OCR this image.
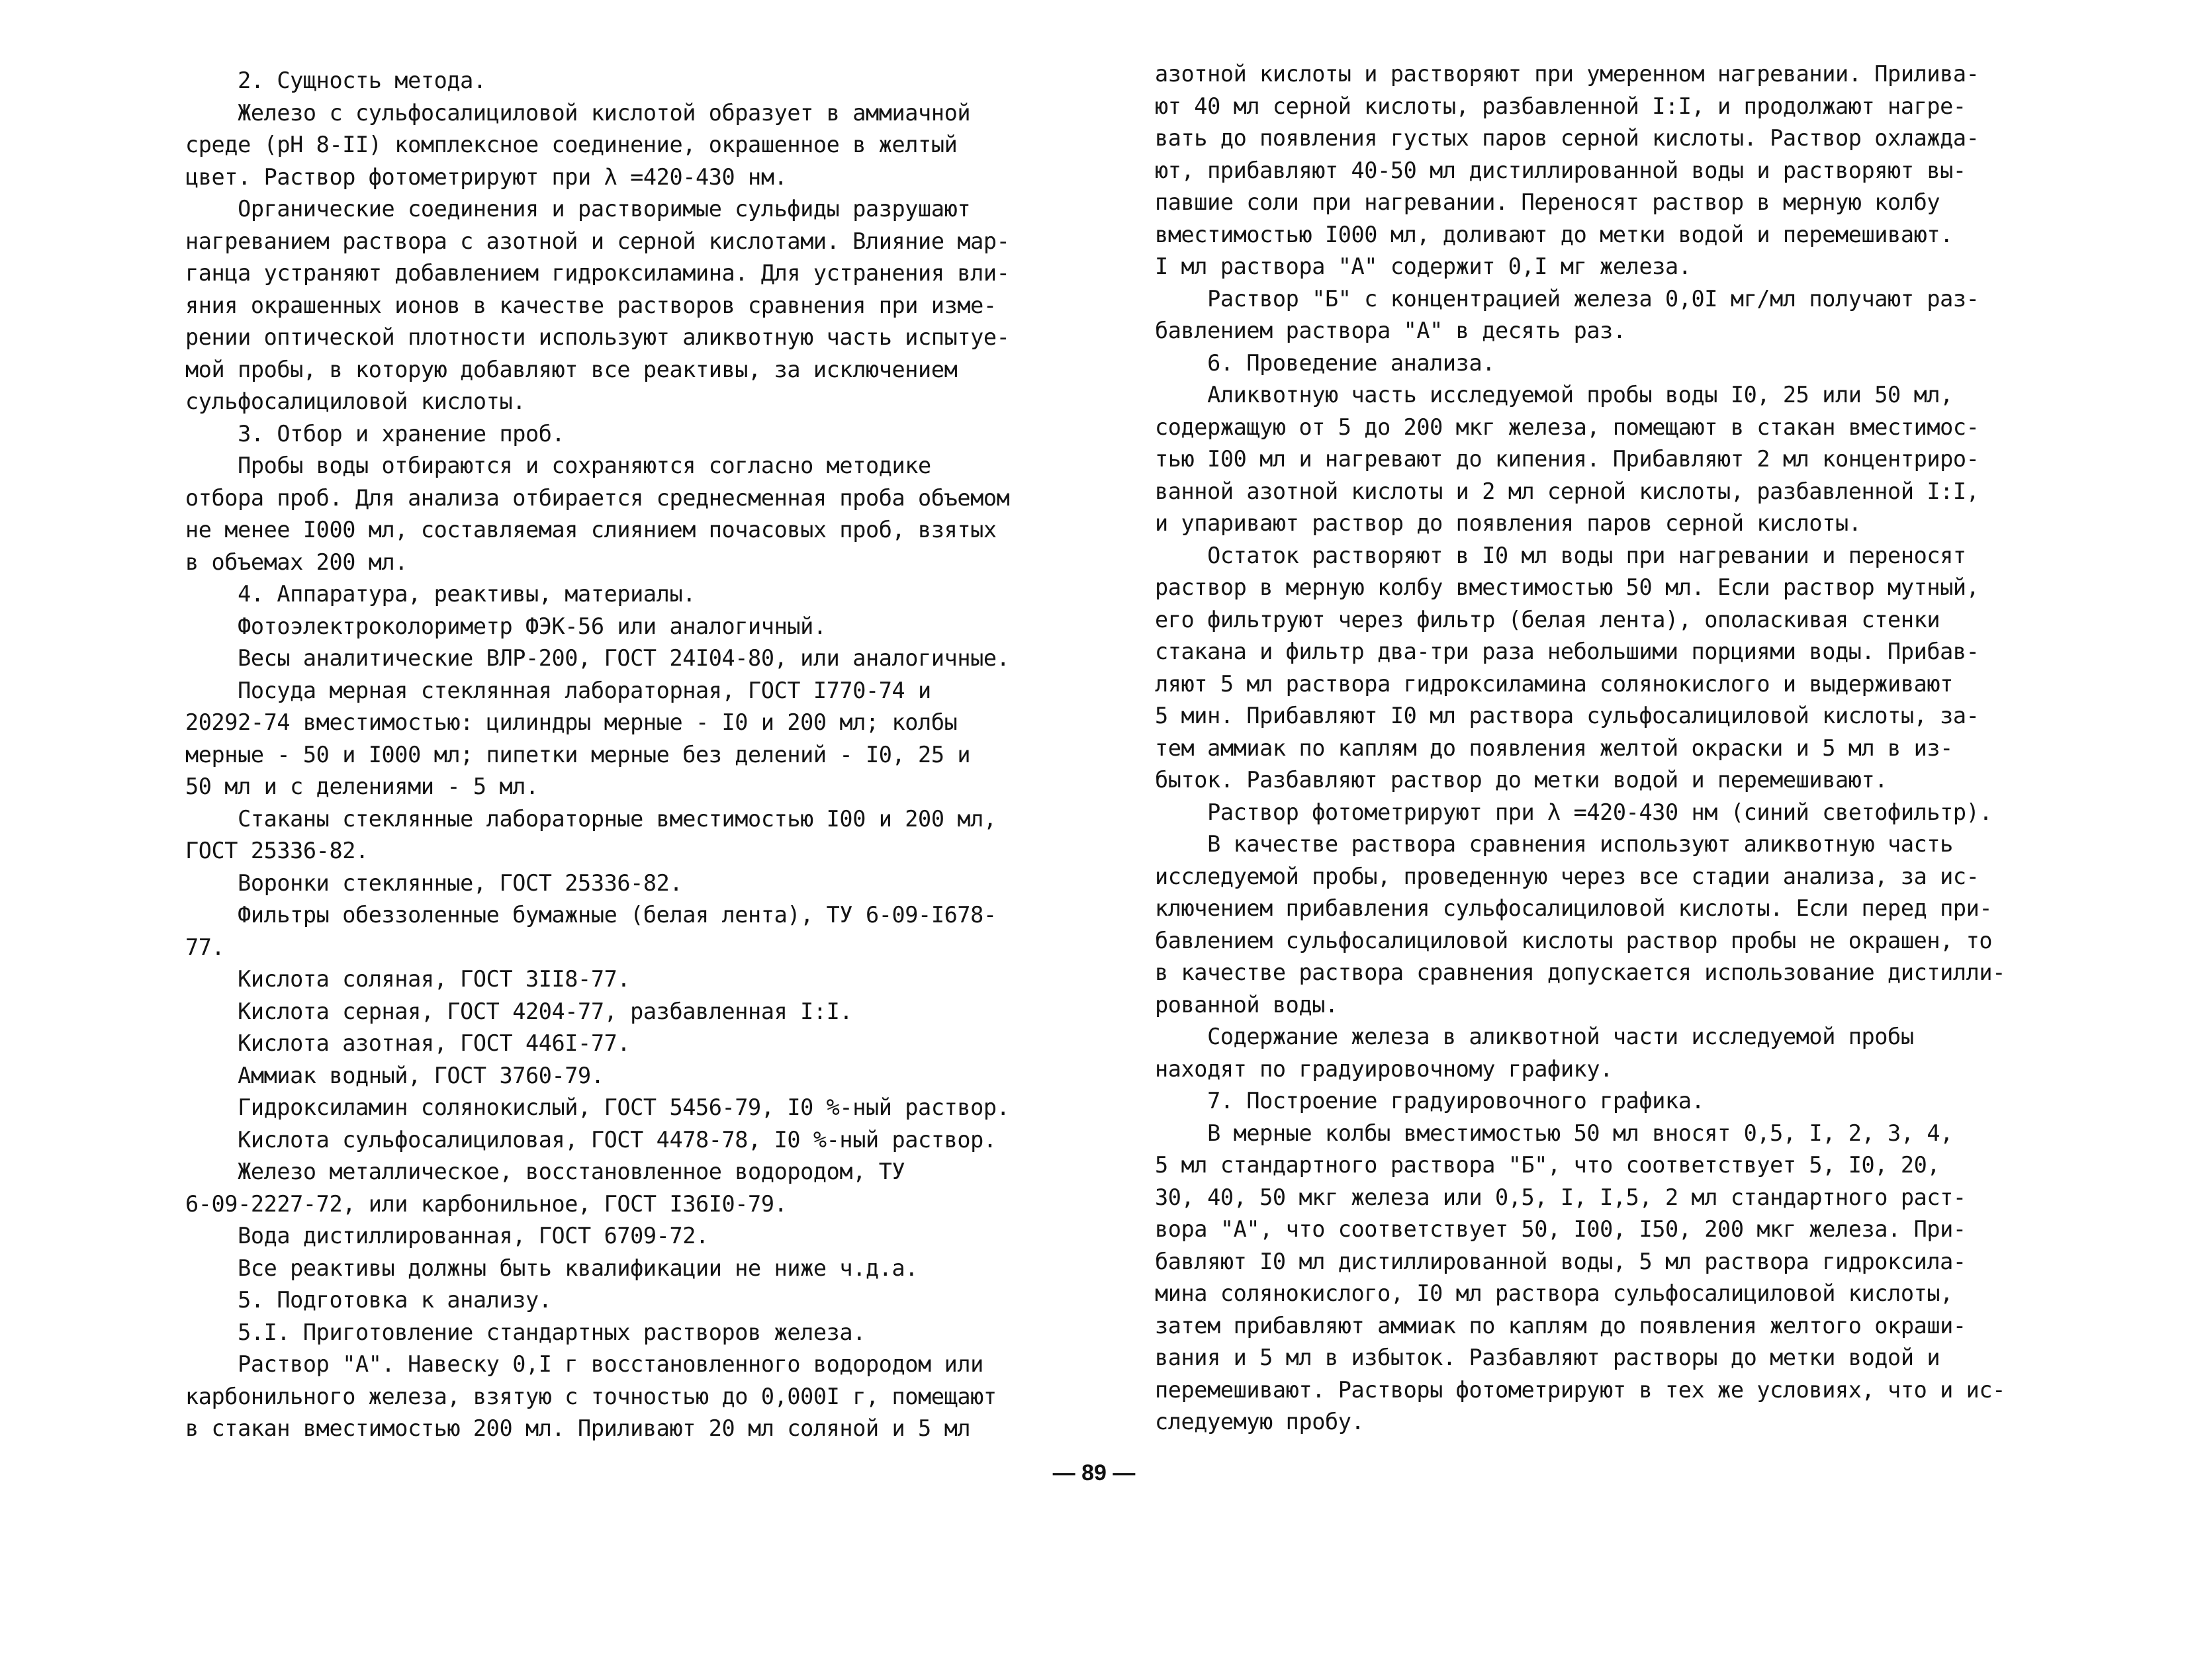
2. Сущность метода.
Железо с сульфосалициловой кислотой образует в аммиачной
среде (рН 8-II) комплексное соединение, окрашенное в желтый
цвет. Раствор фотометрируют при λ =420-430 нм.
Органические соединения и растворимые сульфиды разрушают
нагреванием раствора с азотной и серной кислотами. Влияние мар-
ганца устраняют добавлением гидроксиламина. Для устранения вли-
яния окрашенных ионов в качестве растворов сравнения при изме-
рении оптической плотности используют аликвотную часть испытуе-
мой пробы, в которую добавляют все реактивы, за исключением
сульфосалициловой кислоты.
3. Отбор и хранение проб.
Пробы воды отбираются и сохраняются согласно методике
отбора проб. Для анализа отбирается среднесменная проба объемом
не менее I000 мл, составляемая слиянием почасовых проб, взятых
в объемах 200 мл.
4. Аппаратура, реактивы, материалы.
Фотоэлектроколориметр ФЭК-56 или аналогичный.
Весы аналитические ВЛР-200, ГОСТ 24I04-80, или аналогичные.
Посуда мерная стеклянная лабораторная, ГОСТ I770-74 и
20292-74 вместимостью: цилиндры мерные - I0 и 200 мл; колбы
мерные - 50 и I000 мл; пипетки мерные без делений - I0, 25 и
50 мл и с делениями - 5 мл.
Стаканы стеклянные лабораторные вместимостью I00 и 200 мл,
ГОСТ 25336-82.
Воронки стеклянные, ГОСТ 25336-82.
Фильтры обеззоленные бумажные (белая лента), ТУ 6-09-I678-
77.
Кислота соляная, ГОСТ 3II8-77.
Кислота серная, ГОСТ 4204-77, разбавленная I:I.
Кислота азотная, ГОСТ 446I-77.
Аммиак водный, ГОСТ 3760-79.
Гидроксиламин солянокислый, ГОСТ 5456-79, I0 %-ный раствор.
Кислота сульфосалициловая, ГОСТ 4478-78, I0 %-ный раствор.
Железо металлическое, восстановленное водородом, ТУ
6-09-2227-72, или карбонильное, ГОСТ I36I0-79.
Вода дистиллированная, ГОСТ 6709-72.
Все реактивы должны быть квалификации не ниже ч.д.а.
5. Подготовка к анализу.
5.I. Приготовление стандартных растворов железа.
Раствор "А". Навеску 0,I г восстановленного водородом или
карбонильного железа, взятую с точностью до 0,000I г, помещают
в стакан вместимостью 200 мл. Приливают 20 мл соляной и 5 мл
азотной кислоты и растворяют при умеренном нагревании. Прилива-
ют 40 мл серной кислоты, разбавленной I:I, и продолжают нагре-
вать до появления густых паров серной кислоты. Раствор охлажда-
ют, прибавляют 40-50 мл дистиллированной воды и растворяют вы-
павшие соли при нагревании. Переносят раствор в мерную колбу
вместимостью I000 мл, доливают до метки водой и перемешивают.
I мл раствора "А" содержит 0,I мг железа.
Раствор "Б" с концентрацией железа 0,0I мг/мл получают раз-
бавлением раствора "А" в десять раз.
6. Проведение анализа.
Аликвотную часть исследуемой пробы воды I0, 25 или 50 мл,
содержащую от 5 до 200 мкг железа, помещают в стакан вместимос-
тью I00 мл и нагревают до кипения. Прибавляют 2 мл концентриро-
ванной азотной кислоты и 2 мл серной кислоты, разбавленной I:I,
и упаривают раствор до появления паров серной кислоты.
Остаток растворяют в I0 мл воды при нагревании и переносят
раствор в мерную колбу вместимостью 50 мл. Если раствор мутный,
его фильтруют через фильтр (белая лента), ополаскивая стенки
стакана и фильтр два-три раза небольшими порциями воды. Прибав-
ляют 5 мл раствора гидроксиламина солянокислого и выдерживают
5 мин. Прибавляют I0 мл раствора сульфосалициловой кислоты, за-
тем аммиак по каплям до появления желтой окраски и 5 мл в из-
быток. Разбавляют раствор до метки водой и перемешивают.
Раствор фотометрируют при λ =420-430 нм (синий светофильтр).
В качестве раствора сравнения используют аликвотную часть
исследуемой пробы, проведенную через все стадии анализа, за ис-
ключением прибавления сульфосалициловой кислоты. Если перед при-
бавлением сульфосалициловой кислоты раствор пробы не окрашен, то
в качестве раствора сравнения допускается использование дистилли-
рованной воды.
Содержание железа в аликвотной части исследуемой пробы
находят по градуировочному графику.
7. Построение градуировочного графика.
В мерные колбы вместимостью 50 мл вносят 0,5, I, 2, 3, 4,
5 мл стандартного раствора "Б", что соответствует 5, I0, 20,
30, 40, 50 мкг железа или 0,5, I, I,5, 2 мл стандартного раст-
вора "А", что соответствует 50, I00, I50, 200 мкг железа. При-
бавляют I0 мл дистиллированной воды, 5 мл раствора гидроксила-
мина солянокислого, I0 мл раствора сульфосалициловой кислоты,
затем прибавляют аммиак по каплям до появления желтого окраши-
вания и 5 мл в избыток. Разбавляют растворы до метки водой и
перемешивают. Растворы фотометрируют в тех же условиях, что и ис-
следуемую пробу.
— 89 —
